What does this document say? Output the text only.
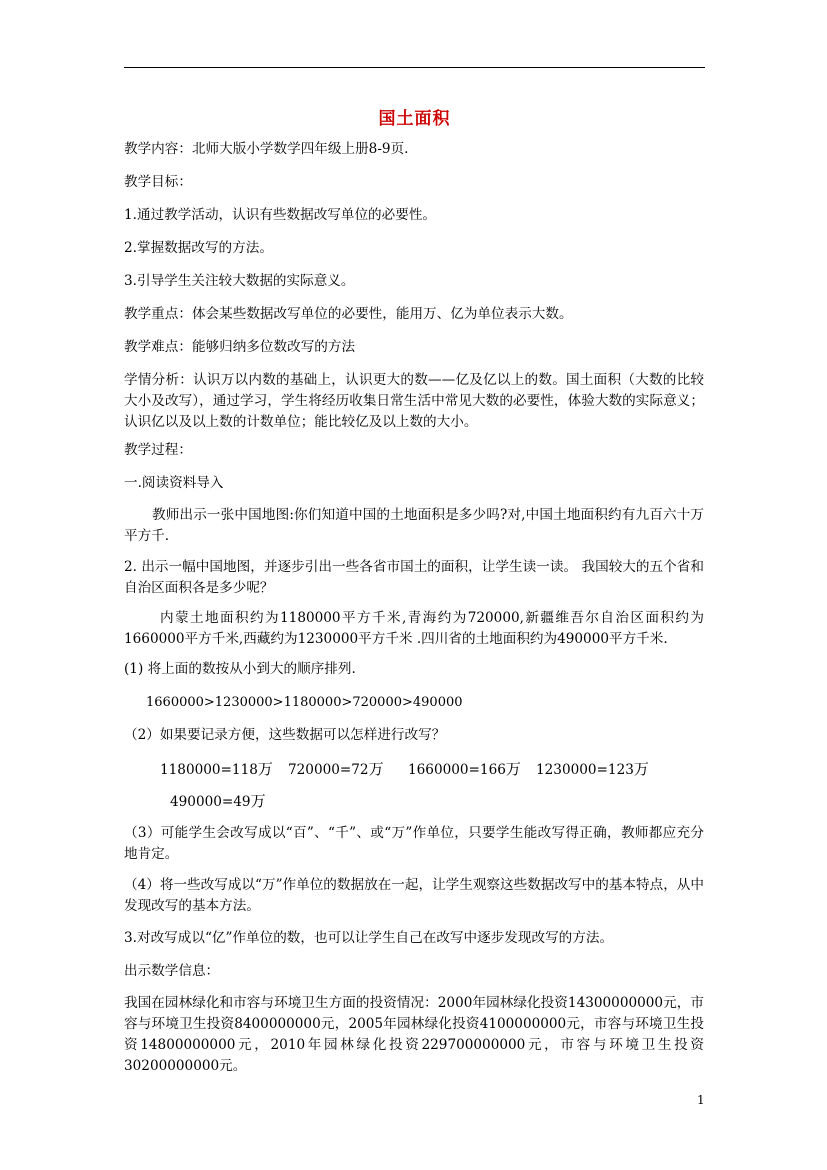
国土面积
教学内容：北师大版小学数学四年级上册8-9页.
教学目标：
1.通过教学活动，认识有些数据改写单位的必要性。
2.掌握数据改写的方法。
3.引导学生关注较大数据的实际意义。
教学重点：体会某些数据改写单位的必要性，能用万、亿为单位表示大数。
教学难点：能够归纳多位数改写的方法
学情分析：认识万以内数的基础上，认识更大的数——亿及亿以上的数。国土面积（大数的比较大小及改写），通过学习，学生将经历收集日常生活中常见大数的必要性，体验大数的实际意义；认识亿以及以上数的计数单位；能比较亿及以上数的大小。
教学过程：
一.阅读资料导入
教师出示一张中国地图:你们知道中国的土地面积是多少吗?对,中国土地面积约有九百六十万平方千.
2. 出示一幅中国地图，并逐步引出一些各省市国土的面积，让学生读一读。 我国较大的五个省和自治区面积各是多少呢？
内蒙土地面积约为1180000平方千米,青海约为720000,新疆维吾尔自治区面积约为1660000平方千米,西藏约为1230000平方千米 .四川省的土地面积约为490000平方千米.
(1) 将上面的数按从小到大的顺序排列.
1660000>1230000>1180000>720000>490000
（2）如果要记录方便，这些数据可以怎样进行改写？
1180000=118万 720000=72万 1660000=166万 1230000=123万
490000=49万
（3）可能学生会改写成以“百”、“千”、或“万”作单位，只要学生能改写得正确，教师都应充分地肯定。
（4）将一些改写成以“万”作单位的数据放在一起，让学生观察这些数据改写中的基本特点，从中发现改写的基本方法。
3.对改写成以“亿”作单位的数，也可以让学生自己在改写中逐步发现改写的方法。
出示数学信息：
我国在园林绿化和市容与环境卫生方面的投资情况：2000年园林绿化投资14300000000元，市容与环境卫生投资8400000000元，2005年园林绿化投资4100000000元，市容与环境卫生投资14800000000元，2010年园林绿化投资229700000000元，市容与环境卫生投资30200000000元。
1
